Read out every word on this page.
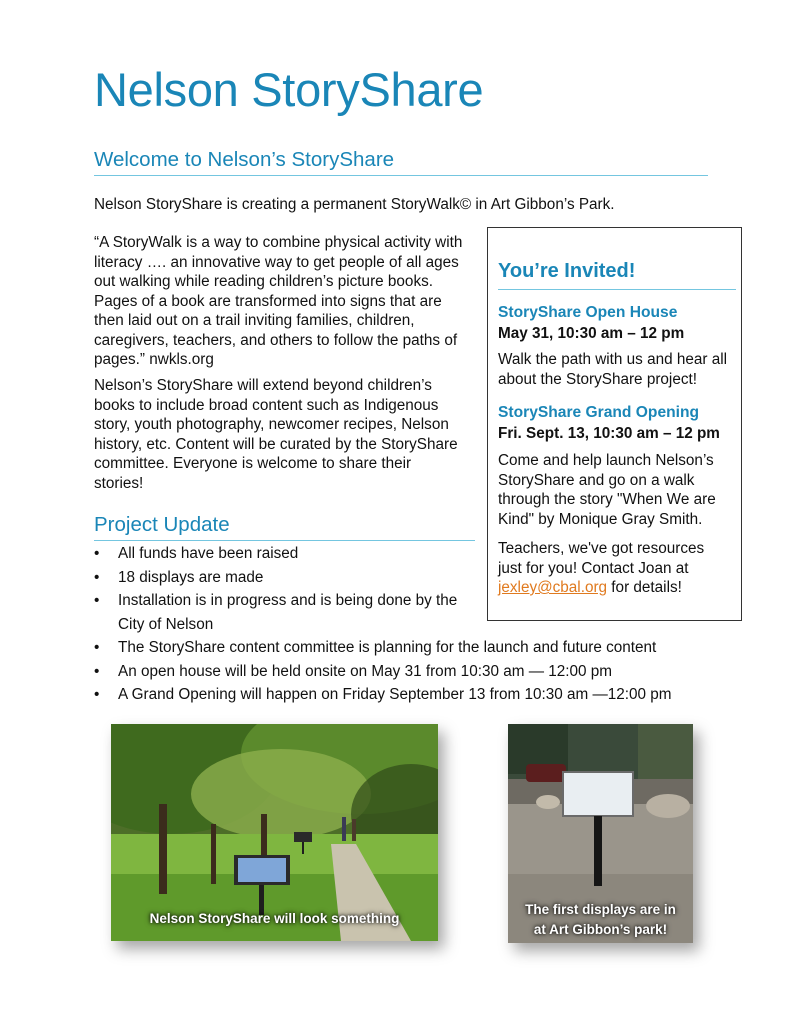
Nelson StoryShare
Welcome to Nelson’s StoryShare

Nelson StoryShare is creating a permanent StoryWalk© in Art Gibbon’s Park.

“A StoryWalk is a way to combine physical activity with
literacy …. an innovative way to get people of all ages
out walking while reading children’s picture books.
Pages of a book are transformed into signs that are
then laid out on a trail inviting families, children,
caregivers, teachers, and others to follow the paths of
pages.” nwkls.org
Nelson’s StoryShare will extend beyond children’s
books to include broad content such as Indigenous
story, youth photography, newcomer recipes, Nelson
history, etc. Content will be curated by the StoryShare
committee. Everyone is welcome to share their
stories!
You’re Invited!

StoryShare Open House

May 31, 10:30 am – 12 pm

Walk the path with us and hear all
about the StoryShare project!

StoryShare Grand Opening

Fri. Sept. 13, 10:30 am – 12 pm

Come and help launch Nelson’s
StoryShare and go on a walk
through the story "When We are
Kind" by Monique Gray Smith.
Teachers, we've got resources
just for you! Contact Joan at
jexley@cbal.org for details!
Project Update
• All funds have been raised
• 18 displays are made
• Installation is in progress and is being done by the
City of Nelson
• The StoryShare content committee is planning for the launch and future content
• An open house will be held onsite on May 31 from 10:30 am — 12:00 pm
• A Grand Opening will happen on Friday September 13 from 10:30 am —12:00 pm
Nelson StoryShare will look something
The first displays are in
at Art Gibbon’s park!
